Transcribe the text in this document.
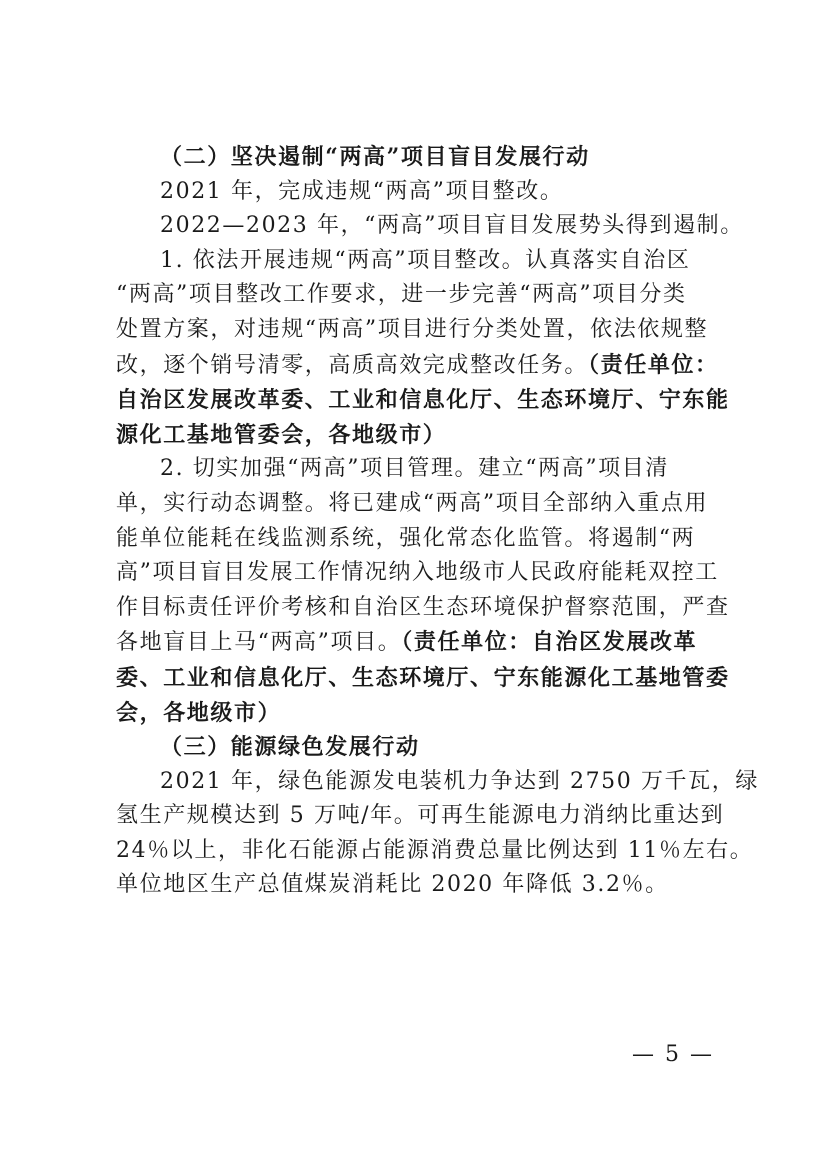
（二）坚决遏制“两高”项目盲目发展行动
2021 年，完成违规“两高”项目整改。
2022—2023 年，“两高”项目盲目发展势头得到遏制。
1. 依法开展违规“两高”项目整改。认真落实自治区
“两高”项目整改工作要求，进一步完善“两高”项目分类
处置方案，对违规“两高”项目进行分类处置，依法依规整
改，逐个销号清零，高质高效完成整改任务。（责任单位：
自治区发展改革委、工业和信息化厅、生态环境厅、宁东能
源化工基地管委会，各地级市）
2. 切实加强“两高”项目管理。建立“两高”项目清
单，实行动态调整。将已建成“两高”项目全部纳入重点用
能单位能耗在线监测系统，强化常态化监管。将遏制“两
高”项目盲目发展工作情况纳入地级市人民政府能耗双控工
作目标责任评价考核和自治区生态环境保护督察范围，严查
各地盲目上马“两高”项目。（责任单位：自治区发展改革
委、工业和信息化厅、生态环境厅、宁东能源化工基地管委
会，各地级市）
（三）能源绿色发展行动
2021 年，绿色能源发电装机力争达到 2750 万千瓦，绿
氢生产规模达到 5 万吨/年。可再生能源电力消纳比重达到
24％以上，非化石能源占能源消费总量比例达到 11％左右。
单位地区生产总值煤炭消耗比 2020 年降低 3.2％。
— 5 —
